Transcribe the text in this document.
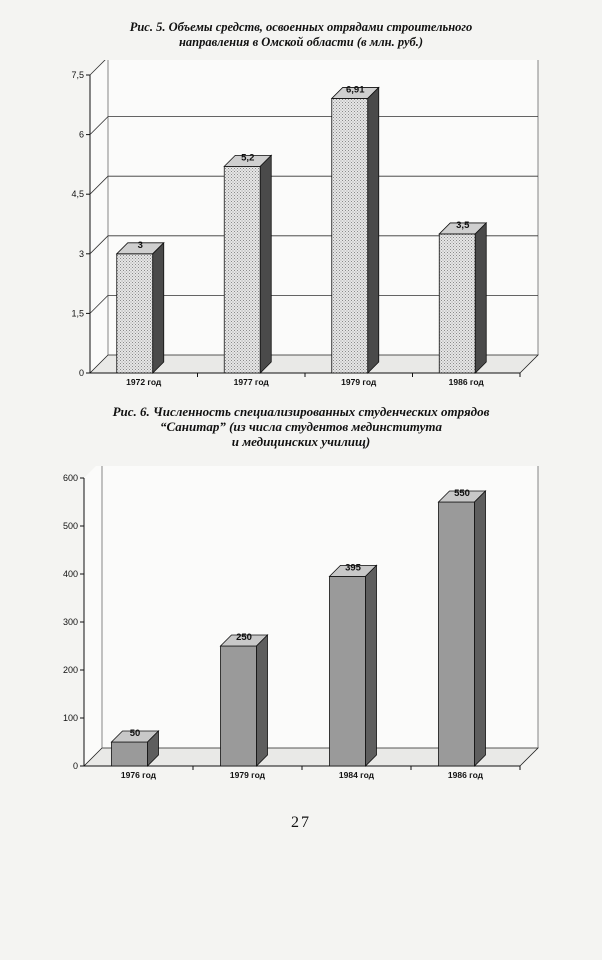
Рис. 5. Объемы средств, освоенных отрядами строительного
направления в Омской области (в млн. руб.)
0
1,5
3
4,5
6
7,5
3
1972 год
5,2
1977 год
6,91
1979 год
3,5
1986 год
Рис. 6. Численность специализированных студенческих отрядов
“Санитар” (из числа студентов мединститута
и медицинских училищ)
0
100
200
300
400
500
600
50
1976 год
250
1979 год
395
1984 год
550
1986 год
27
